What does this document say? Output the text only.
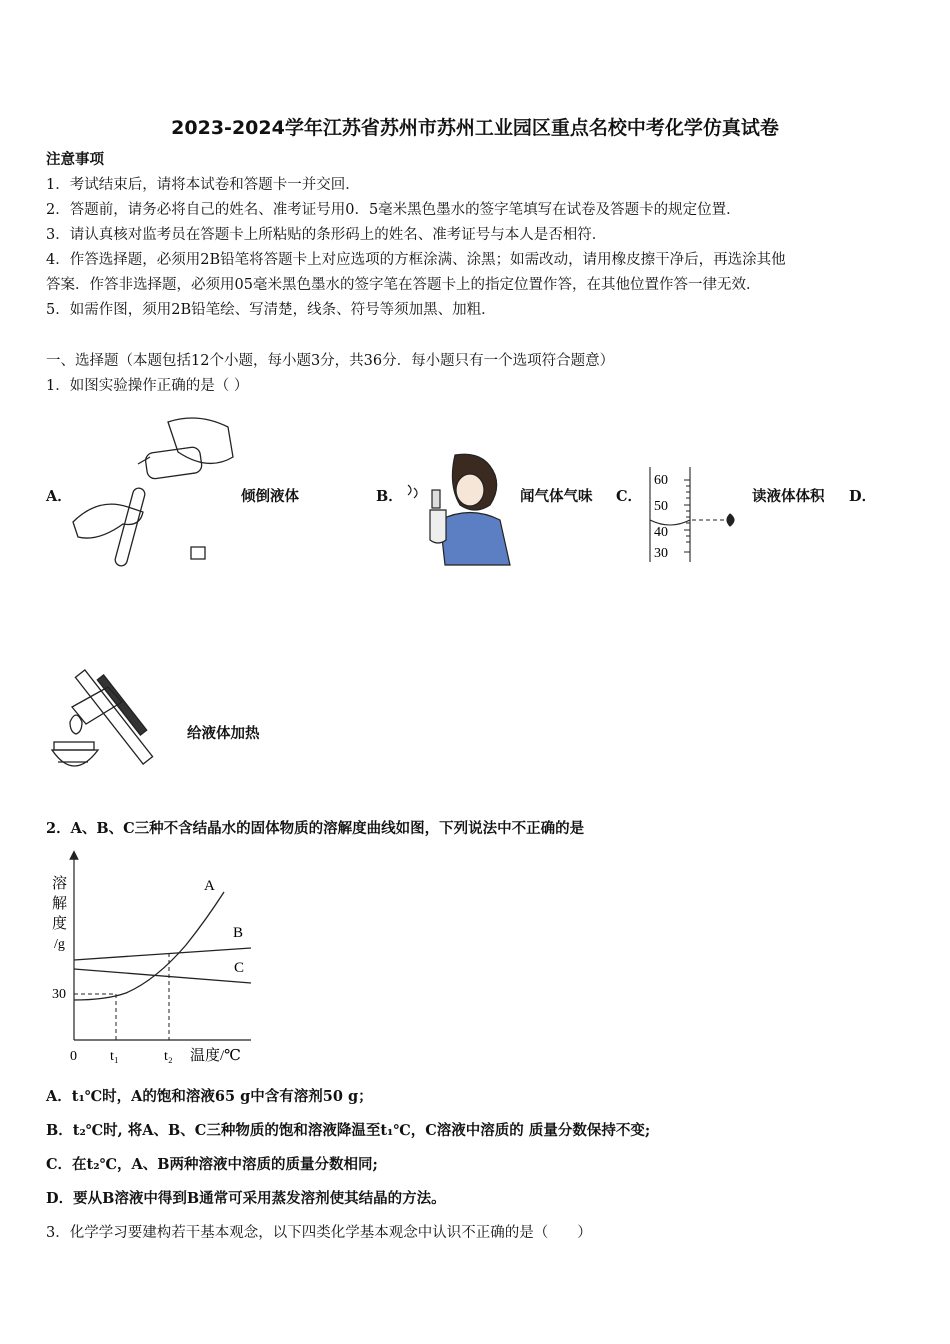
2023-2024学年江苏省苏州市苏州工业园区重点名校中考化学仿真试卷
注意事项
1．考试结束后，请将本试卷和答题卡一并交回．
2．答题前，请务必将自己的姓名、准考证号用0．5毫米黑色墨水的签字笔填写在试卷及答题卡的规定位置．
3．请认真核对监考员在答题卡上所粘贴的条形码上的姓名、准考证号与本人是否相符．
4．作答选择题，必须用2B铅笔将答题卡上对应选项的方框涂满、涂黑；如需改动，请用橡皮擦干净后，再选涂其他
答案．作答非选择题，必须用05毫米黑色墨水的签字笔在答题卡上的指定位置作答，在其他位置作答一律无效．
5．如需作图，须用2B铅笔绘、写清楚，线条、符号等须加黑、加粗．
一、选择题（本题包括12个小题，每小题3分，共36分．每小题只有一个选项符合题意）
1．如图实验操作正确的是（ ）
A．	倾倒液体	B．	闻气体气味 C．
60
50
40
30
读液体体积 D．
给液体加热
2．A、B、C三种不含结晶水的固体物质的溶解度曲线如图，下列说法中不正确的是
溶
解
度
/g
0 t₁	t₂
30
温度/℃
A
B
C
A．t₁℃时，A的饱和溶液65 g中含有溶剂50 g；
B．t₂℃时, 将A、B、C三种物质的饱和溶液降温至t₁℃，C溶液中溶质的 质量分数保持不变;
C．在t₂℃，A、B两种溶液中溶质的质量分数相同;
D．要从B溶液中得到B通常可采用蒸发溶剂使其结晶的方法。
3．化学学习要建构若干基本观念，以下四类化学基本观念中认识不正确的是（　　）
